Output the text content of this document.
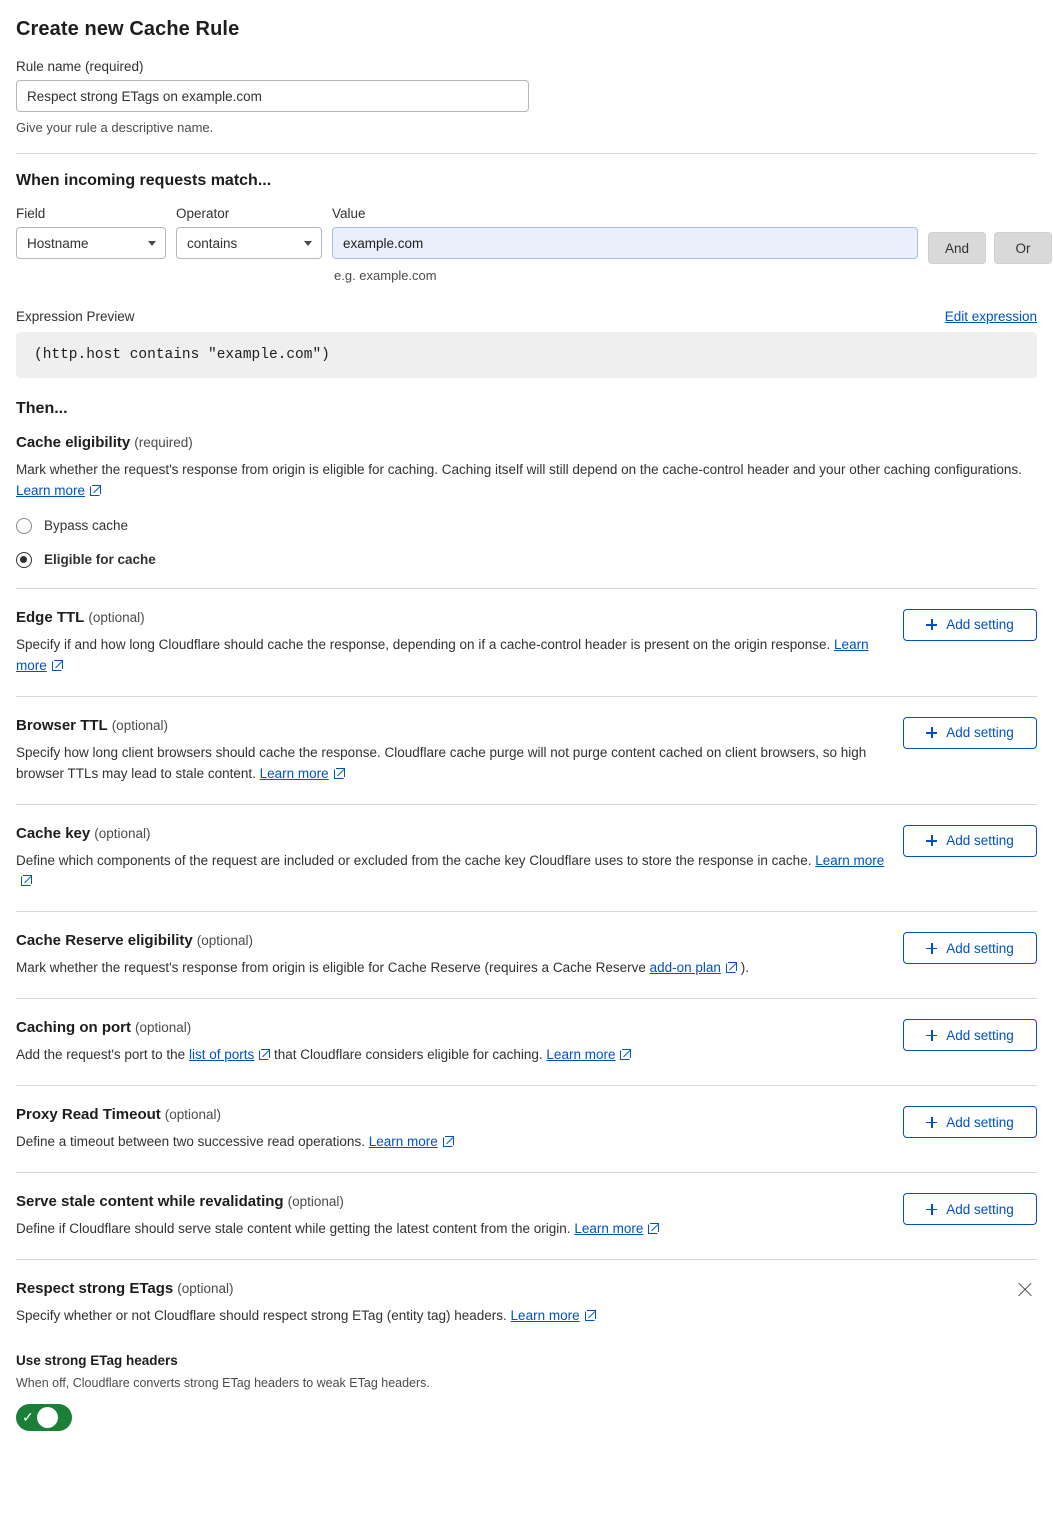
Create new Cache Rule
Rule name (required)
Respect strong ETags on example.com
Give your rule a descriptive name.
When incoming requests match...
Field
Hostname
Operator
contains
Value
example.com
e.g. example.com
And	Or
Expression Preview	Edit expression
(http.host contains "example.com")
Then...
Cache eligibility (required)
Mark whether the request's response from origin is eligible for caching. Caching itself will still depend on the cache-control header and your other caching configurations. Learn more
Bypass cache
Eligible for cache
Add setting
Edge TTL (optional)
Specify if and how long Cloudflare should cache the response, depending on if a cache-control header is present on the origin response. Learn more
Add setting
Browser TTL (optional)
Specify how long client browsers should cache the response. Cloudflare cache purge will not purge content cached on client browsers, so high browser TTLs may lead to stale content. Learn more
Add setting
Cache key (optional)
Define which components of the request are included or excluded from the cache key Cloudflare uses to store the response in cache. Learn more
Add setting
Cache Reserve eligibility (optional)
Mark whether the request's response from origin is eligible for Cache Reserve (requires a Cache Reserve add-on plan ).
Add setting
Caching on port (optional)
Add the request's port to the list of ports that Cloudflare considers eligible for caching. Learn more
Add setting
Proxy Read Timeout (optional)
Define a timeout between two successive read operations. Learn more
Add setting
Serve stale content while revalidating (optional)
Define if Cloudflare should serve stale content while getting the latest content from the origin. Learn more
Respect strong ETags (optional)
Specify whether or not Cloudflare should respect strong ETag (entity tag) headers. Learn more
Use strong ETag headers
When off, Cloudflare converts strong ETag headers to weak ETag headers.
✓
